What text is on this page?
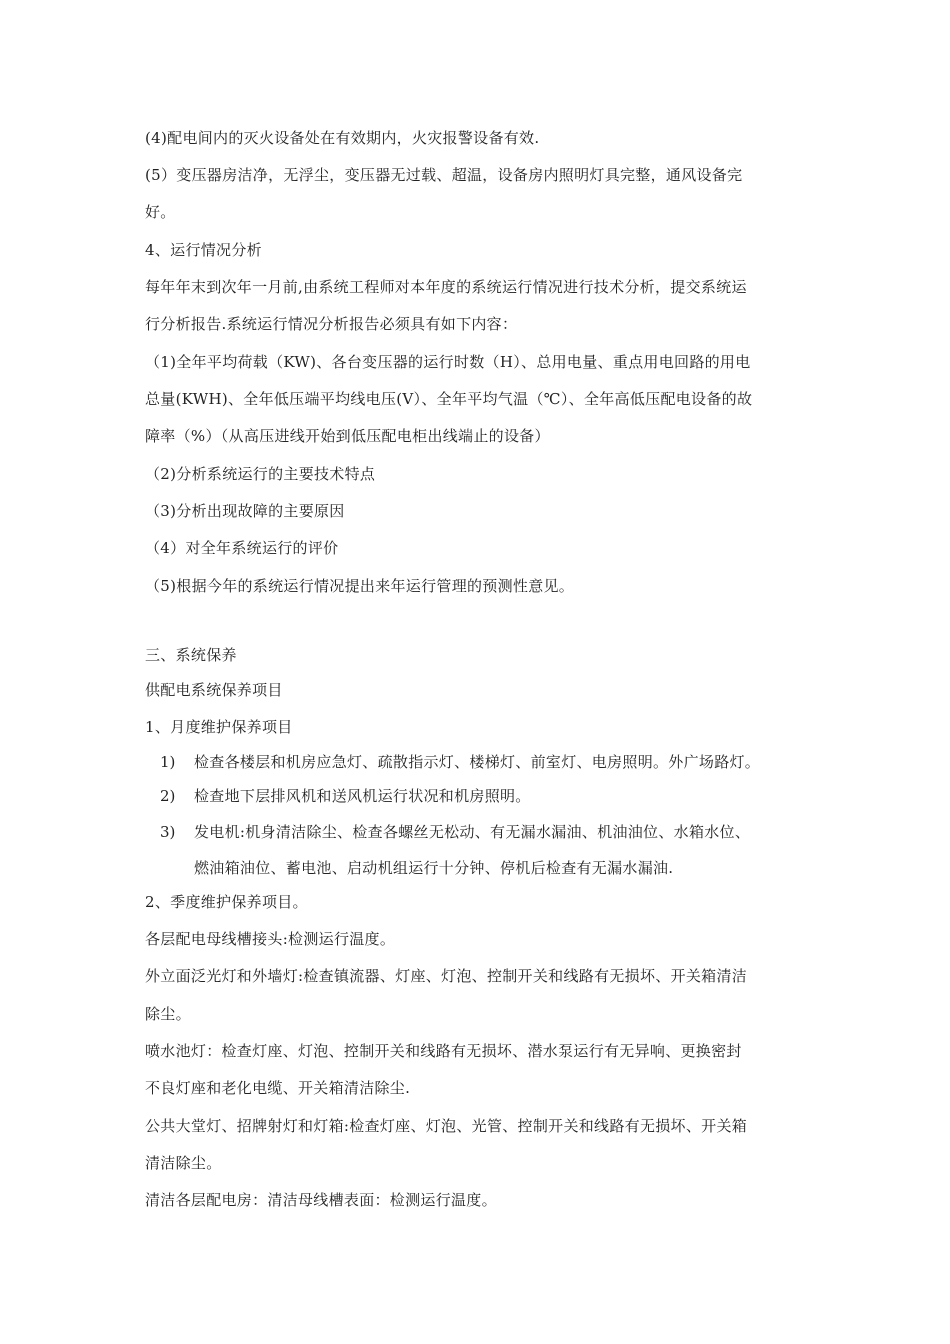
(4)配电间内的灭火设备处在有效期内，火灾报警设备有效.
(5）变压器房洁净，无浮尘，变压器无过载、超温，设备房内照明灯具完整，通风设备完
好。
4、运行情况分析
每年年末到次年一月前,由系统工程师对本年度的系统运行情况进行技术分析，提交系统运
行分析报告.系统运行情况分析报告必须具有如下内容：
（1)全年平均荷载（KW)、各台变压器的运行时数（H）、总用电量、重点用电回路的用电
总量(KWH)、全年低压端平均线电压(V）、全年平均气温（℃）、全年高低压配电设备的故
障率（%）（从高压进线开始到低压配电柜出线端止的设备）
（2)分析系统运行的主要技术特点
（3)分析出现故障的主要原因
（4）对全年系统运行的评价
（5)根据今年的系统运行情况提出来年运行管理的预测性意见。
三、系统保养
供配电系统保养项目
1、月度维护保养项目
1) 检查各楼层和机房应急灯、疏散指示灯、楼梯灯、前室灯、电房照明。外广场路灯。
2) 检查地下层排风机和送风机运行状况和机房照明。
3) 发电机:机身清洁除尘、检查各螺丝无松动、有无漏水漏油、机油油位、水箱水位、
燃油箱油位、蓄电池、启动机组运行十分钟、停机后检查有无漏水漏油.
2、季度维护保养项目。
各层配电母线槽接头:检测运行温度。
外立面泛光灯和外墙灯:检查镇流器、灯座、灯泡、控制开关和线路有无损坏、开关箱清洁
除尘。
喷水池灯：检查灯座、灯泡、控制开关和线路有无损坏、潜水泵运行有无异响、更换密封
不良灯座和老化电缆、开关箱清洁除尘.
公共大堂灯、招牌射灯和灯箱:检查灯座、灯泡、光管、控制开关和线路有无损坏、开关箱
清洁除尘。
清洁各层配电房：清洁母线槽表面：检测运行温度。
